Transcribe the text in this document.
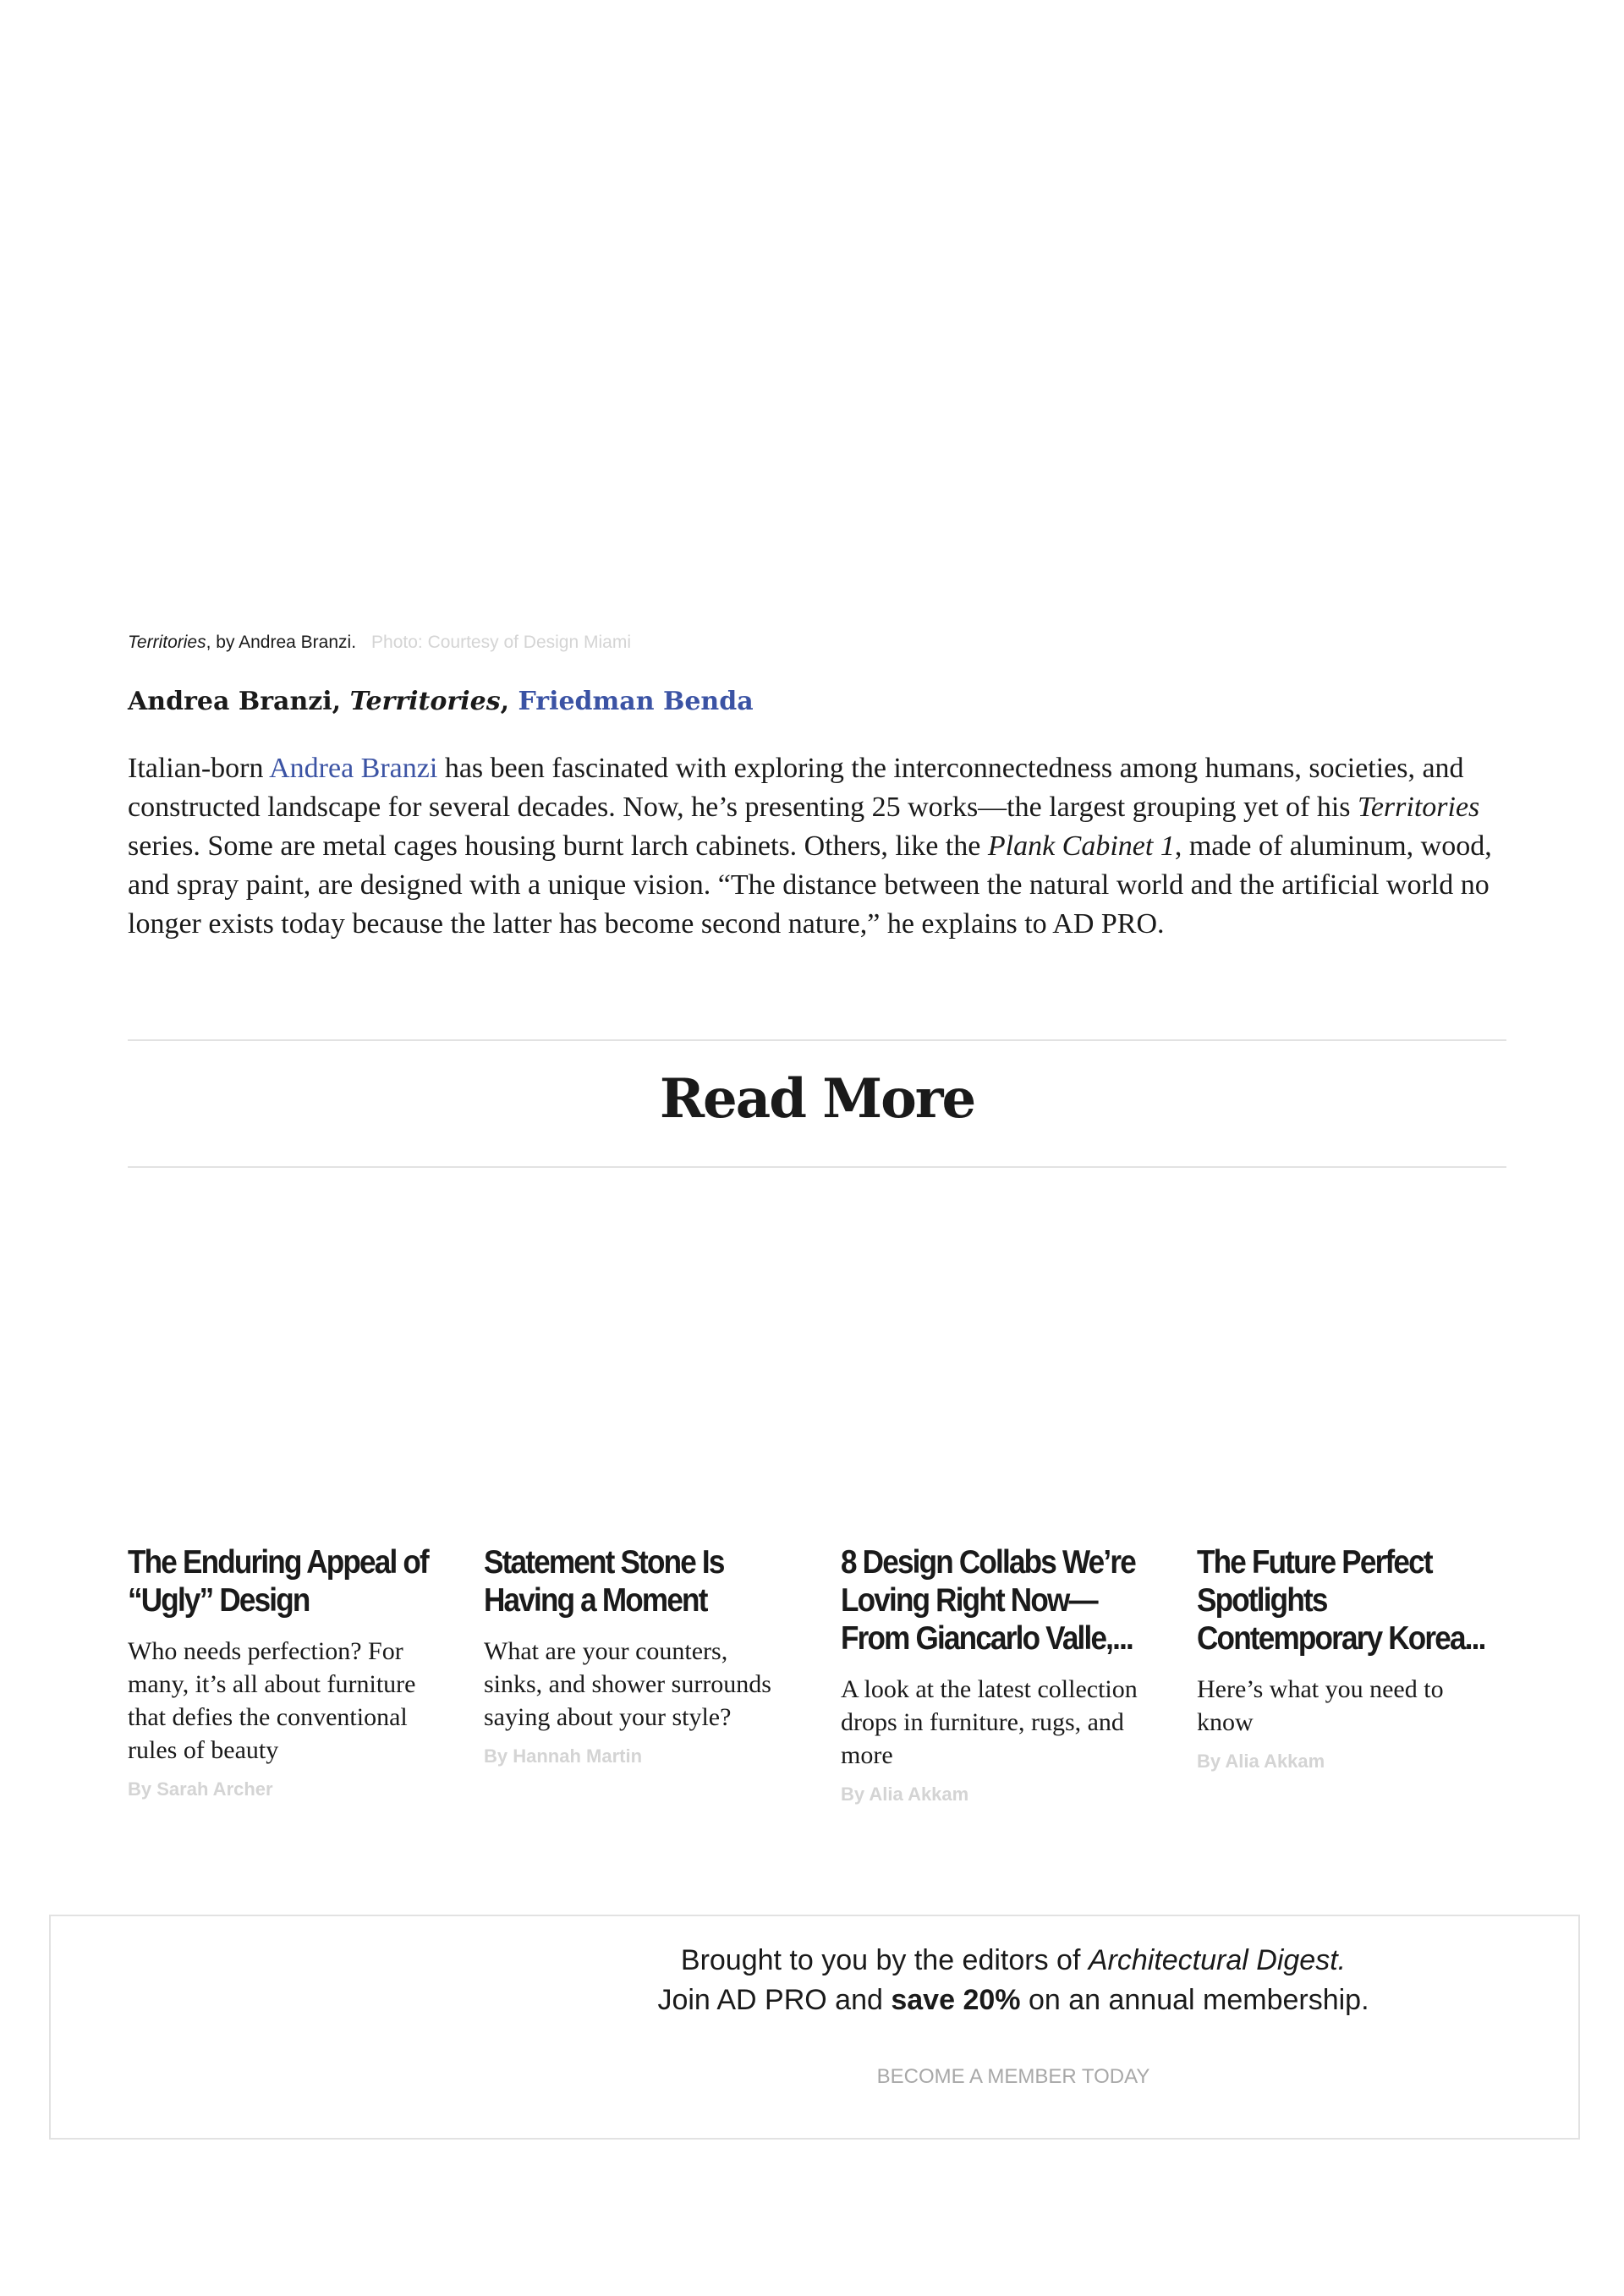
Territories, by Andrea Branzi. Photo: Courtesy of Design Miami
Andrea Branzi, Territories, Friedman Benda

Italian-born Andrea Branzi has been fascinated with exploring the interconnectedness among humans, societies, and constructed landscape for several decades. Now, he’s presenting 25 works—the largest grouping yet of his Territories series. Some are metal cages housing burnt larch cabinets. Others, like the Plank Cabinet 1, made of aluminum, wood, and spray paint, are designed with a unique vision. “The distance between the natural world and the artificial world no longer exists today because the latter has become second nature,” he explains to AD PRO.

Read More
The Enduring Appeal of “Ugly” Design

Who needs perfection? For many, it’s all about furniture that defies the conventional rules of beauty

By Sarah Archer
Statement Stone Is Having a Moment

What are your counters, sinks, and shower surrounds saying about your style?

By Hannah Martin
8 Design Collabs We’re Loving Right Now—From Giancarlo Valle,...

A look at the latest collection drops in furniture, rugs, and more

By Alia Akkam
The Future Perfect Spotlights Contemporary Korea...

Here’s what you need to know

By Alia Akkam
Brought to you by the editors of Architectural Digest.
Join AD PRO and save 20% on an annual membership.
BECOME A MEMBER TODAY
